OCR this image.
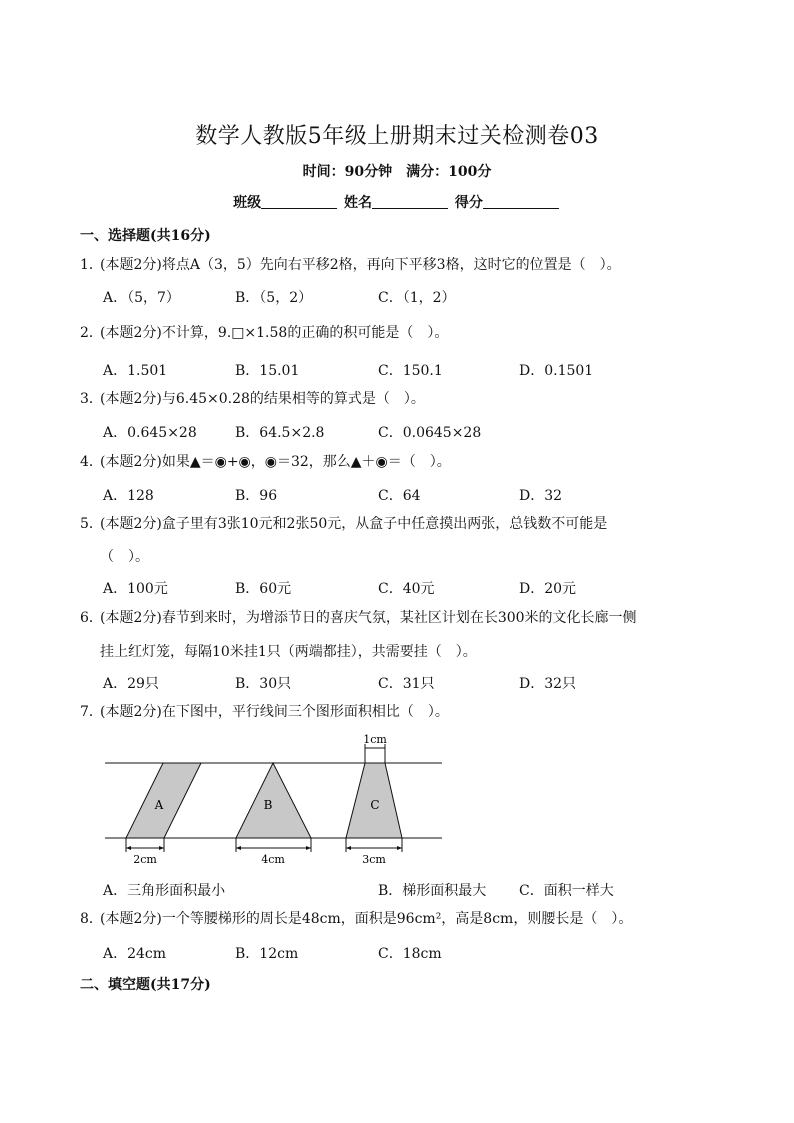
数学人教版5年级上册期末过关检测卷03
时间：90分钟　满分：100分
班级	姓名	得分
一、选择题(共16分)
1．(本题2分)将点A（3，5）先向右平移2格，再向下平移3格，这时它的位置是（　）。
A．（5，7）	B．（5，2）	C．（1，2）
2．(本题2分)不计算，9.□×1.58的正确的积可能是（　）。
A．1.501	B．15.01	C．150.1	D．0.1501
3．(本题2分)与6.45×0.28的结果相等的算式是（　）。
A．0.645×28	B．64.5×2.8	C．0.0645×28
4．(本题2分)如果▲＝◉+◉，◉＝32，那么▲＋◉＝（　）。
A．128	B．96	C．64	D．32
5．(本题2分)盒子里有3张10元和2张50元，从盒子中任意摸出两张，总钱数不可能是
（　）。
A．100元	B．60元	C．40元	D．20元
6．(本题2分)春节到来时，为增添节日的喜庆气氛，某社区计划在长300米的文化长廊一侧
挂上红灯笼，每隔10米挂1只（两端都挂），共需要挂（　）。
A．29只	B．30只	C．31只	D．32只
7．(本题2分)在下图中，平行线间三个图形面积相比（　）。
A	B	C
1cm
2cm	4cm	3cm
A．三角形面积最小	B．梯形面积最大 C．面积一样大
8．(本题2分)一个等腰梯形的周长是48cm，面积是96cm²，高是8cm，则腰长是（　）。
A．24cm	B．12cm	C．18cm
二、填空题(共17分)
